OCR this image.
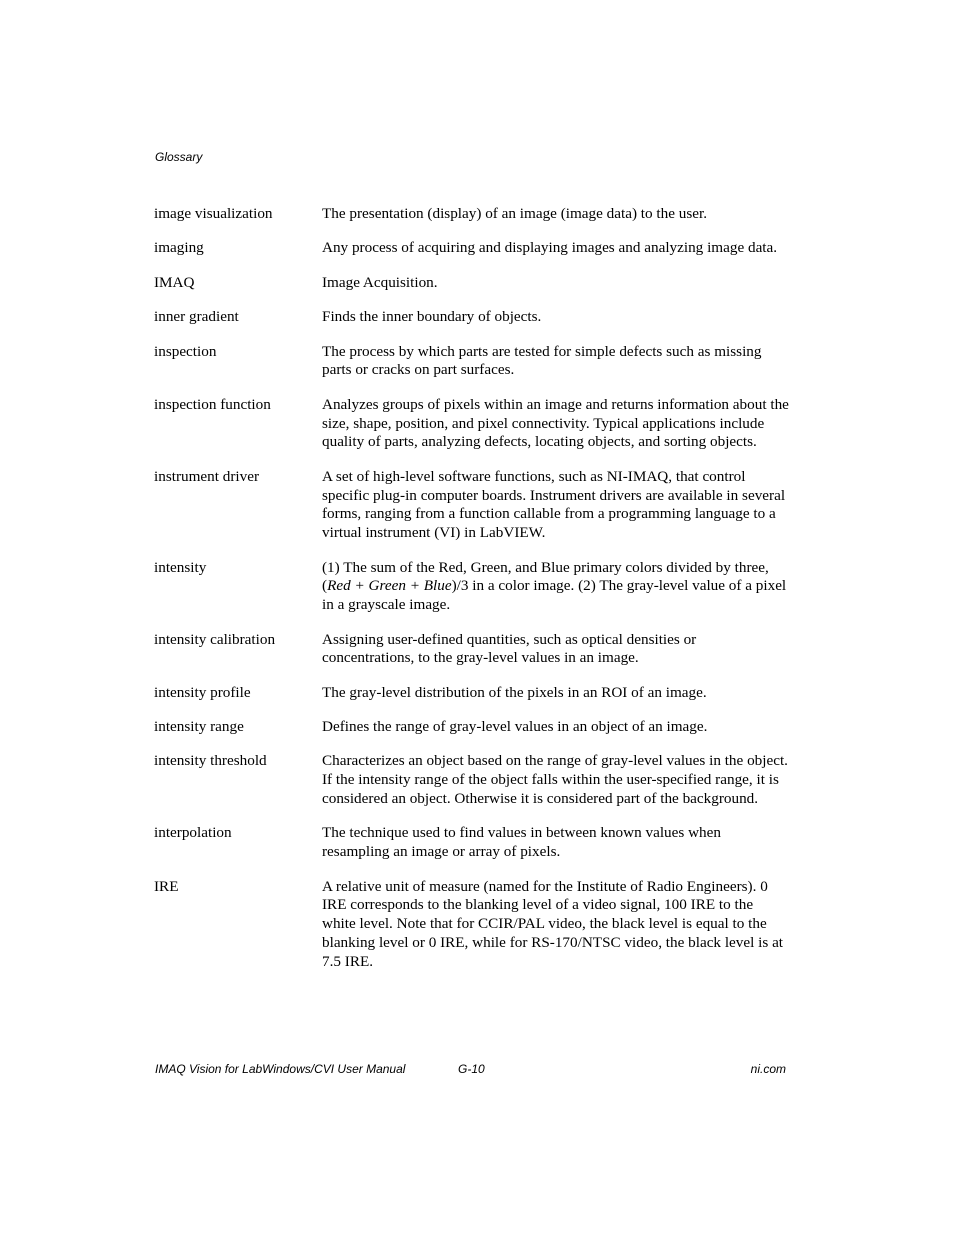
Glossary
image visualization	The presentation (display) of an image (image data) to the user.
imaging	Any process of acquiring and displaying images and analyzing image data.
IMAQ	Image Acquisition.
inner gradient	Finds the inner boundary of objects.
inspection	The process by which parts are tested for simple defects such as missing parts or cracks on part surfaces.
inspection function	Analyzes groups of pixels within an image and returns information about the size, shape, position, and pixel connectivity. Typical applications include quality of parts, analyzing defects, locating objects, and sorting objects.
instrument driver	A set of high-level software functions, such as NI-IMAQ, that control specific plug-in computer boards. Instrument drivers are available in several forms, ranging from a function callable from a programming language to a virtual instrument (VI) in LabVIEW.
intensity	(1) The sum of the Red, Green, and Blue primary colors divided by three, (Red + Green + Blue)/3 in a color image. (2) The gray-level value of a pixel in a grayscale image.
intensity calibration	Assigning user-defined quantities, such as optical densities or concentrations, to the gray-level values in an image.
intensity profile	The gray-level distribution of the pixels in an ROI of an image.
intensity range	Defines the range of gray-level values in an object of an image.
intensity threshold	Characterizes an object based on the range of gray-level values in the object. If the intensity range of the object falls within the user-specified range, it is considered an object. Otherwise it is considered part of the background.
interpolation	The technique used to find values in between known values when resampling an image or array of pixels.
IRE	A relative unit of measure (named for the Institute of Radio Engineers). 0 IRE corresponds to the blanking level of a video signal, 100 IRE to the white level. Note that for CCIR/PAL video, the black level is equal to the blanking level or 0 IRE, while for RS-170/NTSC video, the black level is at 7.5 IRE.
IMAQ Vision for LabWindows/CVI User Manual	G-10	ni.com
